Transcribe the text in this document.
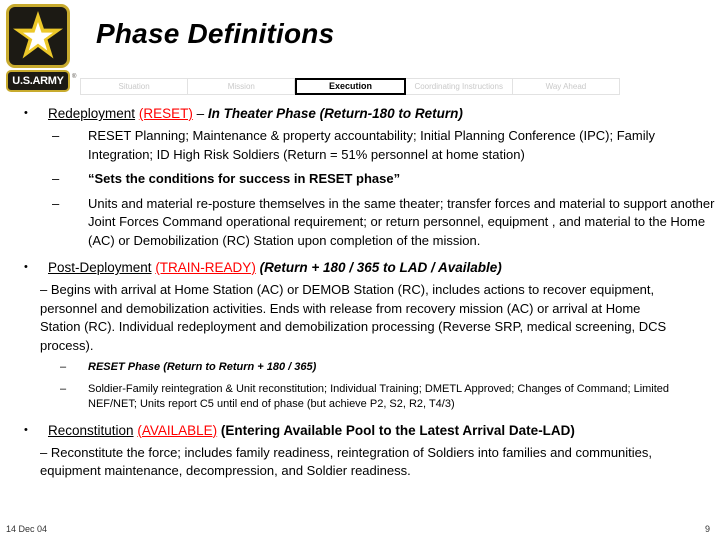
U.S.ARMY	®
Phase Definitions
Situation	Mission	Execution	Coordinating Instructions	Way Ahead
• Redeployment (RESET) – In Theater Phase (Return-180 to Return)
– RESET Planning; Maintenance & property accountability; Initial Planning Conference (IPC); Family Integration; ID High Risk Soldiers (Return = 51% personnel at home station)
– “Sets the conditions for success in RESET phase”
– Units and material re-posture themselves in the same theater; transfer forces and material to support another Joint Forces Command operational requirement; or return personnel, equipment , and material to the Home (AC) or Demobilization (RC) Station upon completion of the mission.
• Post-Deployment (TRAIN-READY) (Return + 180 / 365 to LAD / Available)
– Begins with arrival at Home Station (AC) or DEMOB Station (RC), includes actions to recover equipment, personnel and demobilization activities. Ends with release from recovery mission (AC) or arrival at Home Station (RC). Individual redeployment and demobilization processing (Reverse SRP, medical screening, DCS process).
– RESET Phase (Return to Return + 180 / 365)
– Soldier-Family reintegration & Unit reconstitution; Individual Training; DMETL Approved; Changes of Command; Limited NEF/NET; Units report C5 until end of phase (but achieve P2, S2, R2, T4/3)
• Reconstitution (AVAILABLE) (Entering Available Pool to the Latest Arrival Date-LAD)
– Reconstitute the force; includes family readiness, reintegration of Soldiers into families and communities, equipment maintenance, decompression, and Soldier readiness.
14 Dec 04	9
